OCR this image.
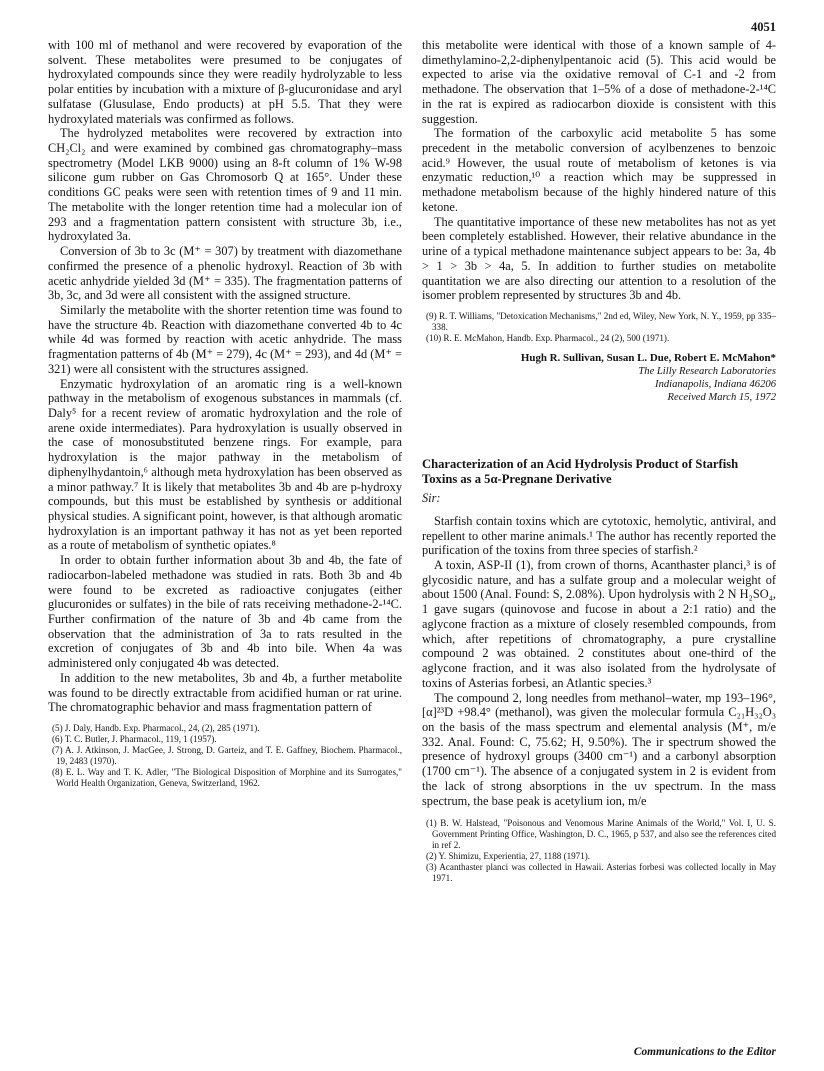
4051

with 100 ml of methanol and were recovered by evaporation of the solvent. These metabolites were presumed to be conjugates of hydroxylated compounds since they were readily hydrolyzable to less polar entities by incubation with a mixture of β-glucuronidase and aryl sulfatase (Glusulase, Endo products) at pH 5.5. That they were hydroxylated materials was confirmed as follows.

The hydrolyzed metabolites were recovered by extraction into CH₂Cl₂ and were examined by combined gas chromatography–mass spectrometry (Model LKB 9000) using an 8-ft column of 1% W-98 silicone gum rubber on Gas Chromosorb Q at 165°. Under these conditions GC peaks were seen with retention times of 9 and 11 min. The metabolite with the longer retention time had a molecular ion of 293 and a fragmentation pattern consistent with structure 3b, i.e., hydroxylated 3a.

Conversion of 3b to 3c (M⁺ = 307) by treatment with diazomethane confirmed the presence of a phenolic hydroxyl. Reaction of 3b with acetic anhydride yielded 3d (M⁺ = 335). The fragmentation patterns of 3b, 3c, and 3d were all consistent with the assigned structure.

Similarly the metabolite with the shorter retention time was found to have the structure 4b. Reaction with diazomethane converted 4b to 4c while 4d was formed by reaction with acetic anhydride. The mass fragmentation patterns of 4b (M⁺ = 279), 4c (M⁺ = 293), and 4d (M⁺ = 321) were all consistent with the structures assigned.

Enzymatic hydroxylation of an aromatic ring is a well-known pathway in the metabolism of exogenous substances in mammals (cf. Daly⁵ for a recent review of aromatic hydroxylation and the role of arene oxide intermediates). Para hydroxylation is usually observed in the case of monosubstituted benzene rings. For example, para hydroxylation is the major pathway in the metabolism of diphenylhydantoin,⁶ although meta hydroxylation has been observed as a minor pathway.⁷ It is likely that metabolites 3b and 4b are p-hydroxy compounds, but this must be established by synthesis or additional physical studies. A significant point, however, is that although aromatic hydroxylation is an important pathway it has not as yet been reported as a route of metabolism of synthetic opiates.⁸

In order to obtain further information about 3b and 4b, the fate of radiocarbon-labeled methadone was studied in rats. Both 3b and 4b were found to be excreted as radioactive conjugates (either glucuronides or sulfates) in the bile of rats receiving methadone-2-¹⁴C. Further confirmation of the nature of 3b and 4b came from the observation that the administration of 3a to rats resulted in the excretion of conjugates of 3b and 4b into bile. When 4a was administered only conjugated 4b was detected.

In addition to the new metabolites, 3b and 4b, a further metabolite was found to be directly extractable from acidified human or rat urine. The chromatographic behavior and mass fragmentation pattern of

(5) J. Daly, Handb. Exp. Pharmacol., 24, (2), 285 (1971).

(6) T. C. Butler, J. Pharmacol., 119, 1 (1957).

(7) A. J. Atkinson, J. MacGee, J. Strong, D. Garteiz, and T. E. Gaffney, Biochem. Pharmacol., 19, 2483 (1970).

(8) E. L. Way and T. K. Adler, "The Biological Disposition of Morphine and its Surrogates," World Health Organization, Geneva, Switzerland, 1962.

this metabolite were identical with those of a known sample of 4-dimethylamino-2,2-diphenylpentanoic acid (5). This acid would be expected to arise via the oxidative removal of C-1 and -2 from methadone. The observation that 1–5% of a dose of methadone-2-¹⁴C in the rat is expired as radiocarbon dioxide is consistent with this suggestion.

The formation of the carboxylic acid metabolite 5 has some precedent in the metabolic conversion of acylbenzenes to benzoic acid.⁹ However, the usual route of metabolism of ketones is via enzymatic reduction,¹⁰ a reaction which may be suppressed in methadone metabolism because of the highly hindered nature of this ketone.

The quantitative importance of these new metabolites has not as yet been completely established. However, their relative abundance in the urine of a typical methadone maintenance subject appears to be: 3a, 4b > 1 > 3b > 4a, 5. In addition to further studies on metabolite quantitation we are also directing our attention to a resolution of the isomer problem represented by structures 3b and 4b.

(9) R. T. Williams, "Detoxication Mechanisms," 2nd ed, Wiley, New York, N. Y., 1959, pp 335–338.

(10) R. E. McMahon, Handb. Exp. Pharmacol., 24 (2), 500 (1971).

Hugh R. Sullivan, Susan L. Due, Robert E. McMahon*

The Lilly Research Laboratories

Indianapolis, Indiana 46206

Received March 15, 1972

Characterization of an Acid Hydrolysis Product of Starfish Toxins as a 5α-Pregnane Derivative

Sir:

Starfish contain toxins which are cytotoxic, hemolytic, antiviral, and repellent to other marine animals.¹ The author has recently reported the purification of the toxins from three species of starfish.²

A toxin, ASP-II (1), from crown of thorns, Acanthaster planci,³ is of glycosidic nature, and has a sulfate group and a molecular weight of about 1500 (Anal. Found: S, 2.08%). Upon hydrolysis with 2 N H₂SO₄, 1 gave sugars (quinovose and fucose in about a 2:1 ratio) and the aglycone fraction as a mixture of closely resembled compounds, from which, after repetitions of chromatography, a pure crystalline compound 2 was obtained. 2 constitutes about one-third of the aglycone fraction, and it was also isolated from the hydrolysate of toxins of Asterias forbesi, an Atlantic species.³

The compound 2, long needles from methanol–water, mp 193–196°, [α]²³D +98.4° (methanol), was given the molecular formula C₂₁H₃₂O₃ on the basis of the mass spectrum and elemental analysis (M⁺, m/e 332. Anal. Found: C, 75.62; H, 9.50%). The ir spectrum showed the presence of hydroxyl groups (3400 cm⁻¹) and a carbonyl absorption (1700 cm⁻¹). The absence of a conjugated system in 2 is evident from the lack of strong absorptions in the uv spectrum. In the mass spectrum, the base peak is acetylium ion, m/e

(1) B. W. Halstead, "Poisonous and Venomous Marine Animals of the World," Vol. I, U. S. Government Printing Office, Washington, D. C., 1965, p 537, and also see the references cited in ref 2.

(2) Y. Shimizu, Experientia, 27, 1188 (1971).

(3) Acanthaster planci was collected in Hawaii. Asterias forbesi was collected locally in May 1971.

Communications to the Editor
